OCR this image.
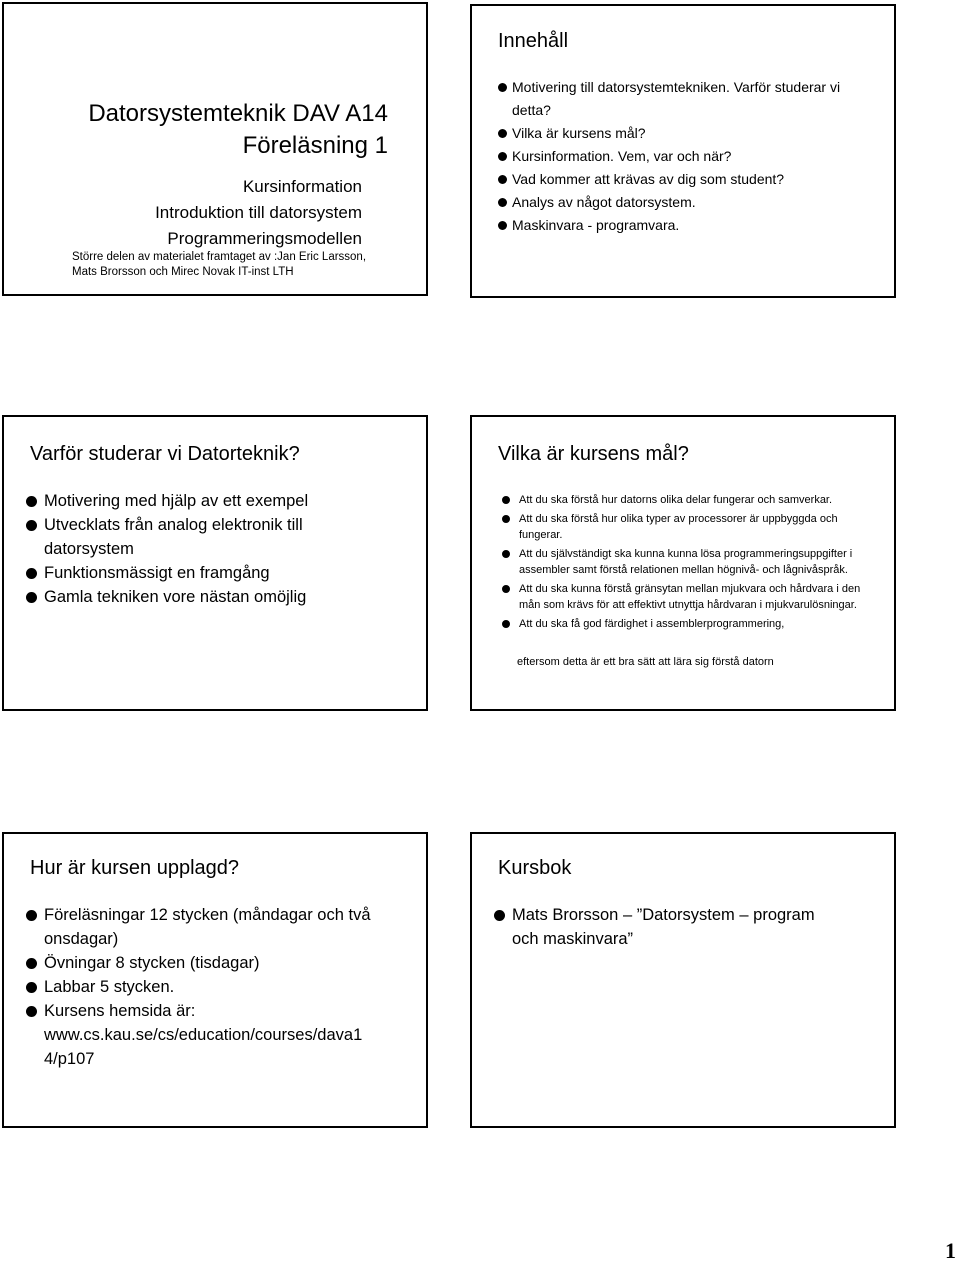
Datorsystemteknik DAV A14
Föreläsning 1
Kursinformation
Introduktion till datorsystem
Programmeringsmodellen
Större delen av materialet framtaget av :Jan Eric Larsson, Mats Brorsson och Mirec Novak IT-inst LTH
Innehåll
Motivering till datorsystemtekniken. Varför studerar vi detta?
Vilka är kursens mål?
Kursinformation. Vem, var och när?
Vad kommer att krävas av dig som student?
Analys av något datorsystem.
Maskinvara - programvara.
Varför studerar vi Datorteknik?
Motivering med hjälp av ett exempel
Utvecklats från analog elektronik till datorsystem
Funktionsmässigt en framgång
Gamla tekniken vore nästan omöjlig
Vilka är kursens mål?
Att du ska förstå hur datorns olika delar fungerar och samverkar.
Att du ska förstå hur olika typer av processorer är uppbyggda och fungerar.
Att du självständigt ska kunna kunna lösa programmeringsuppgifter i assembler samt förstå relationen mellan högnivå- och lågnivåspråk.
Att du ska kunna förstå gränsytan mellan mjukvara och hårdvara i den mån som krävs för att effektivt utnyttja hårdvaran i mjukvarulösningar.
Att du ska få god färdighet i assemblerprogrammering,
eftersom detta är ett bra sätt att lära sig förstå datorn
Hur är kursen upplagd?
Föreläsningar 12 stycken (måndagar och två onsdagar)
Övningar 8 stycken (tisdagar)
Labbar 5 stycken.
Kursens hemsida är: www.cs.kau.se/cs/education/courses/dava1 4/p107
Kursbok
Mats Brorsson – ”Datorsystem – program och maskinvara”
1
